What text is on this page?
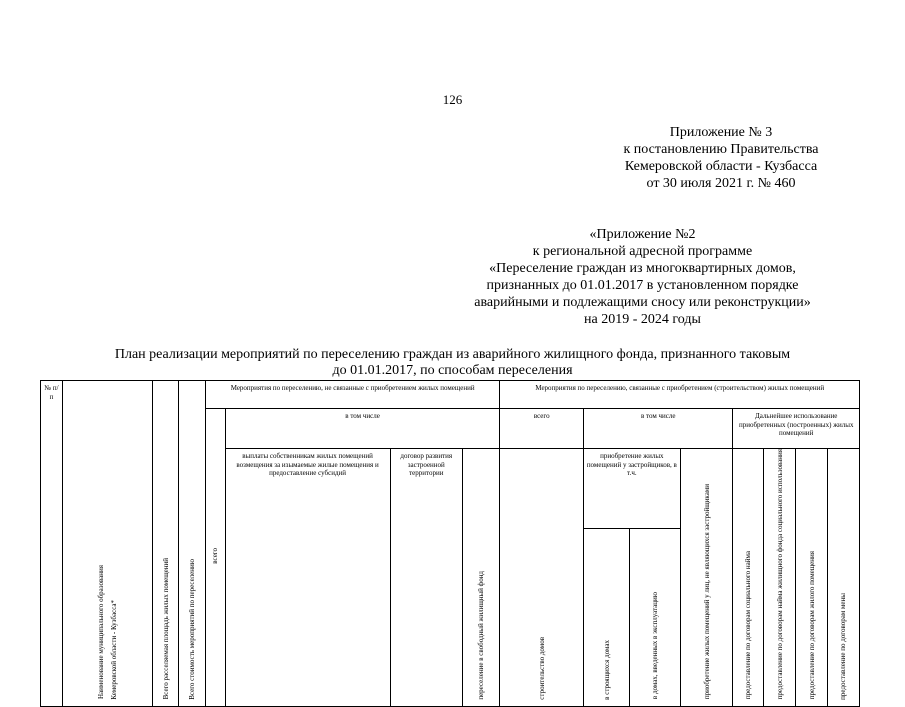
126
Приложение № 3
к постановлению Правительства
Кемеровской области - Кузбасса
от 30 июля 2021 г. № 460
«Приложение №2
к региональной адресной программе
«Переселение граждан из многоквартирных домов,
признанных до 01.01.2017 в установленном порядке
аварийными и подлежащими сносу или реконструкции»
на 2019 - 2024 годы
План реализации мероприятий по переселению граждан из аварийного жилищного фонда, признанного таковым
до 01.01.2017, по способам переселения
№ п/п	Наименование муниципального образования Кемеровской области - Кузбасса*	Всего расселяемая площадь жилых помещений	Всего стоимость мероприятий по переселению	Мероприятия по переселению, не связанные с приобретением жилых помещений				Мероприятия по переселению, связанные с приобретением (строительством) жилых помещений							
				всего	в том числе			всего	в том числе			Дальнейшее использование приобретенных (построенных) жилых помещений			
					выплаты собственникам жилых помещений возмещения за изымаемые жилые помещения и предоставление субсидий	договор развития застроенной территории	переселение в свободный жилищный фонд	строительство домов	приобретение жилых помещений у застройщиков, в т.ч.		приобретение жилых помещений у лиц, не являющихся застройщиками	предоставление по договорам социального найма	предоставление по договорам найма жилищного фонда социального использования	предоставление по договорам жилого помещения	предоставление по договорам мены
									в строящихся домах	в домах, введенных в эксплуатацию					
